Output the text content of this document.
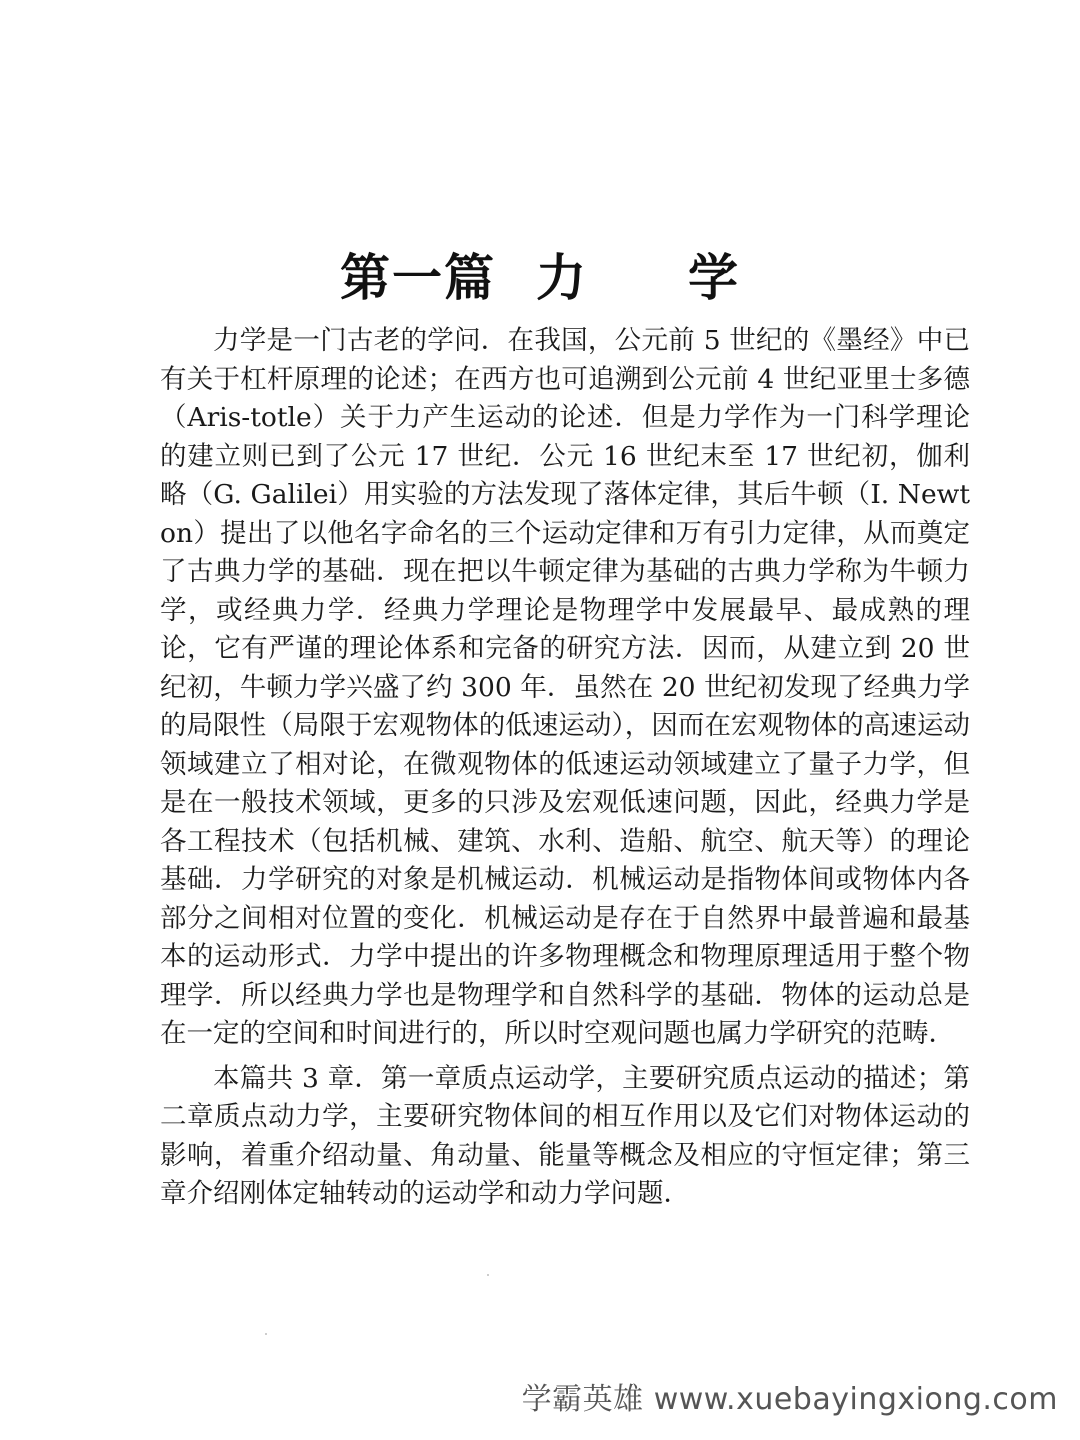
第一篇 力 学

力学是一门古老的学问．在我国，公元前 5 世纪的《墨经》中已有关于杠杆原理的论述；在西方也可追溯到公元前 4 世纪亚里士多德（Aris-totle）关于力产生运动的论述．但是力学作为一门科学理论的建立则已到了公元 17 世纪．公元 16 世纪末至 17 世纪初，伽利略（G. Galilei）用实验的方法发现了落体定律，其后牛顿（I. Newton）提出了以他名字命名的三个运动定律和万有引力定律，从而奠定了古典力学的基础．现在把以牛顿定律为基础的古典力学称为牛顿力学，或经典力学．经典力学理论是物理学中发展最早、最成熟的理论，它有严谨的理论体系和完备的研究方法．因而，从建立到 20 世纪初，牛顿力学兴盛了约 300 年．虽然在 20 世纪初发现了经典力学的局限性（局限于宏观物体的低速运动），因而在宏观物体的高速运动领域建立了相对论，在微观物体的低速运动领域建立了量子力学，但是在一般技术领域，更多的只涉及宏观低速问题，因此，经典力学是各工程技术（包括机械、建筑、水利、造船、航空、航天等）的理论基础．力学研究的对象是机械运动．机械运动是指物体间或物体内各部分之间相对位置的变化．机械运动是存在于自然界中最普遍和最基本的运动形式．力学中提出的许多物理概念和物理原理适用于整个物理学．所以经典力学也是物理学和自然科学的基础．物体的运动总是在一定的空间和时间进行的，所以时空观问题也属力学研究的范畴．

本篇共 3 章．第一章质点运动学，主要研究质点运动的描述；第二章质点动力学，主要研究物体间的相互作用以及它们对物体运动的影响，着重介绍动量、角动量、能量等概念及相应的守恒定律；第三章介绍刚体定轴转动的运动学和动力学问题．

学霸英雄 www.xuebayingxiong.com
